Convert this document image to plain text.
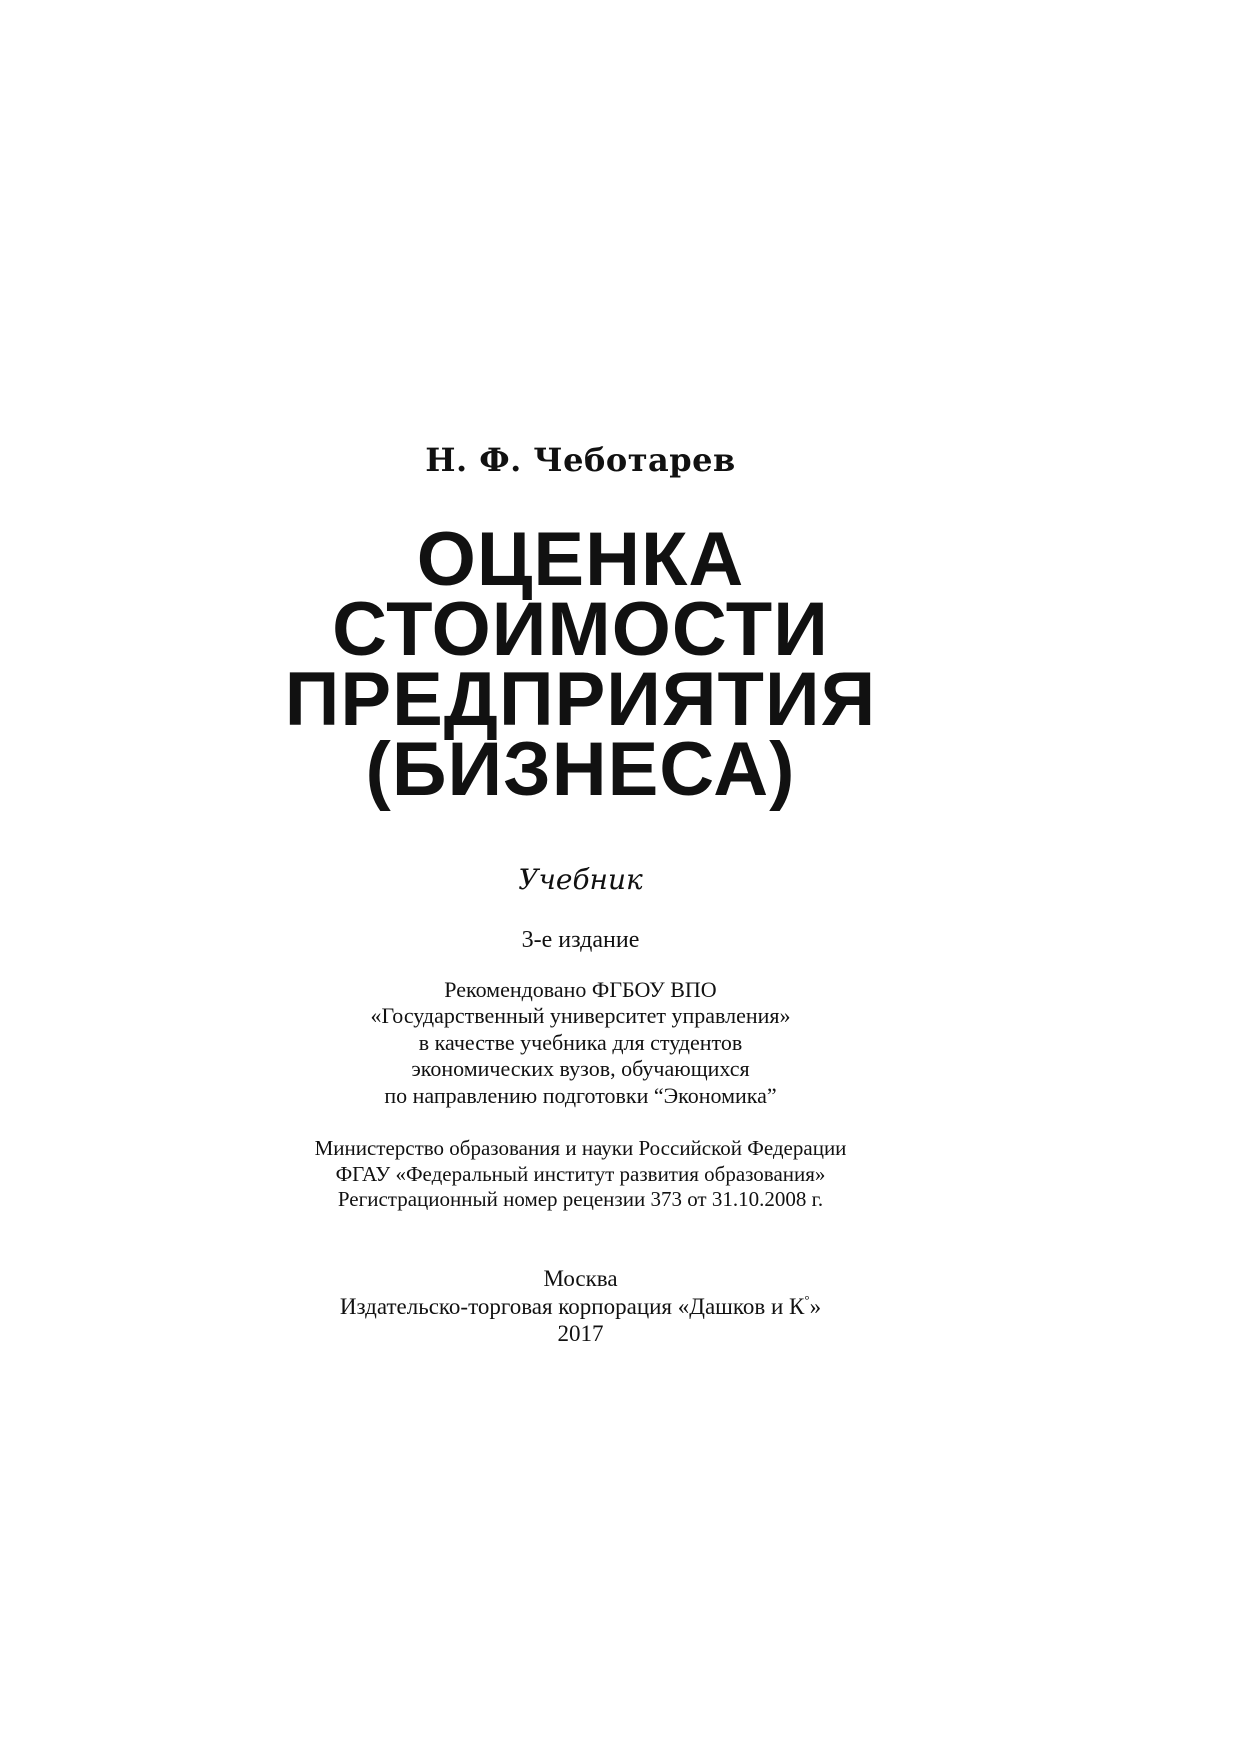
Н. Ф. Чеботарев
ОЦЕНКА
СТОИМОСТИ
ПРЕДПРИЯТИЯ
(БИЗНЕСА)
Учебник
3-е издание
Рекомендовано ФГБОУ ВПО
«Государственный университет управления»
в качестве учебника для студентов
экономических вузов, обучающихся
по направлению подготовки “Экономика”
Министерство образования и науки Российской Федерации
ФГАУ «Федеральный институт развития образования»
Регистрационный номер рецензии 373 от 31.10.2008 г.
Москва
Издательско-торговая корпорация «Дашков и К°»
2017
